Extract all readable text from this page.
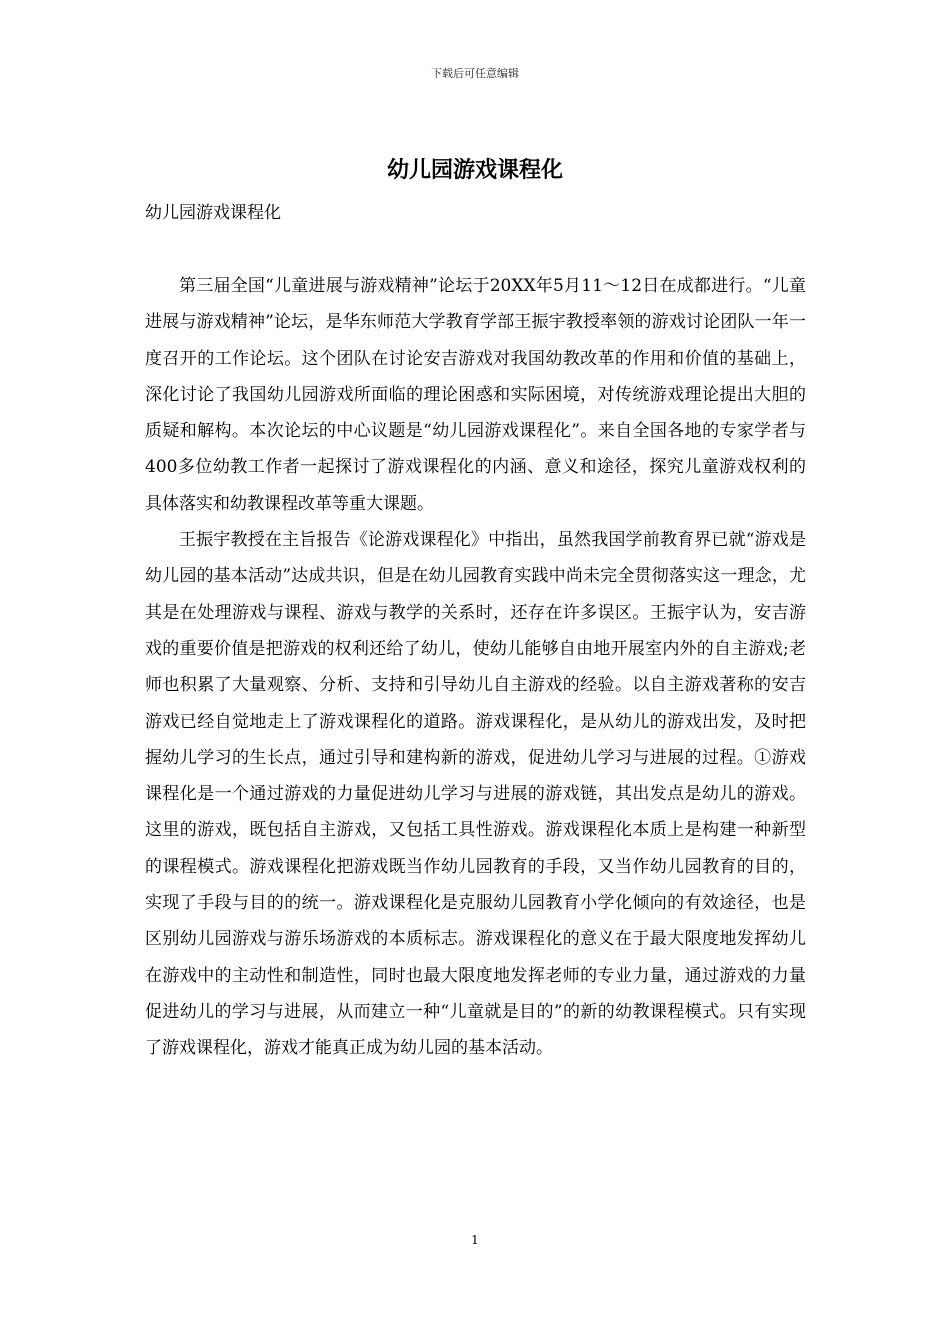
下载后可任意编辑
幼儿园游戏课程化
幼儿园游戏课程化

第三届全国“儿童进展与游戏精神”论坛于20XX年5月11～12日在成都进行。“儿童进展与游戏精神”论坛，是华东师范大学教育学部王振宇教授率领的游戏讨论团队一年一度召开的工作论坛。这个团队在讨论安吉游戏对我国幼教改革的作用和价值的基础上，深化讨论了我国幼儿园游戏所面临的理论困惑和实际困境，对传统游戏理论提出大胆的质疑和解构。本次论坛的中心议题是“幼儿园游戏课程化”。来自全国各地的专家学者与400多位幼教工作者一起探讨了游戏课程化的内涵、意义和途径，探究儿童游戏权利的具体落实和幼教课程改革等重大课题。

王振宇教授在主旨报告《论游戏课程化》中指出，虽然我国学前教育界已就“游戏是幼儿园的基本活动”达成共识，但是在幼儿园教育实践中尚未完全贯彻落实这一理念，尤其是在处理游戏与课程、游戏与教学的关系时，还存在许多误区。王振宇认为，安吉游戏的重要价值是把游戏的权利还给了幼儿，使幼儿能够自由地开展室内外的自主游戏;老师也积累了大量观察、分析、支持和引导幼儿自主游戏的经验。以自主游戏著称的安吉游戏已经自觉地走上了游戏课程化的道路。游戏课程化，是从幼儿的游戏出发，及时把握幼儿学习的生长点，通过引导和建构新的游戏，促进幼儿学习与进展的过程。①游戏课程化是一个通过游戏的力量促进幼儿学习与进展的游戏链，其出发点是幼儿的游戏。这里的游戏，既包括自主游戏，又包括工具性游戏。游戏课程化本质上是构建一种新型的课程模式。游戏课程化把游戏既当作幼儿园教育的手段，又当作幼儿园教育的目的，实现了手段与目的的统一。游戏课程化是克服幼儿园教育小学化倾向的有效途径，也是区别幼儿园游戏与游乐场游戏的本质标志。游戏课程化的意义在于最大限度地发挥幼儿在游戏中的主动性和制造性，同时也最大限度地发挥老师的专业力量，通过游戏的力量促进幼儿的学习与进展，从而建立一种“儿童就是目的”的新的幼教课程模式。只有实现了游戏课程化，游戏才能真正成为幼儿园的基本活动。

1
